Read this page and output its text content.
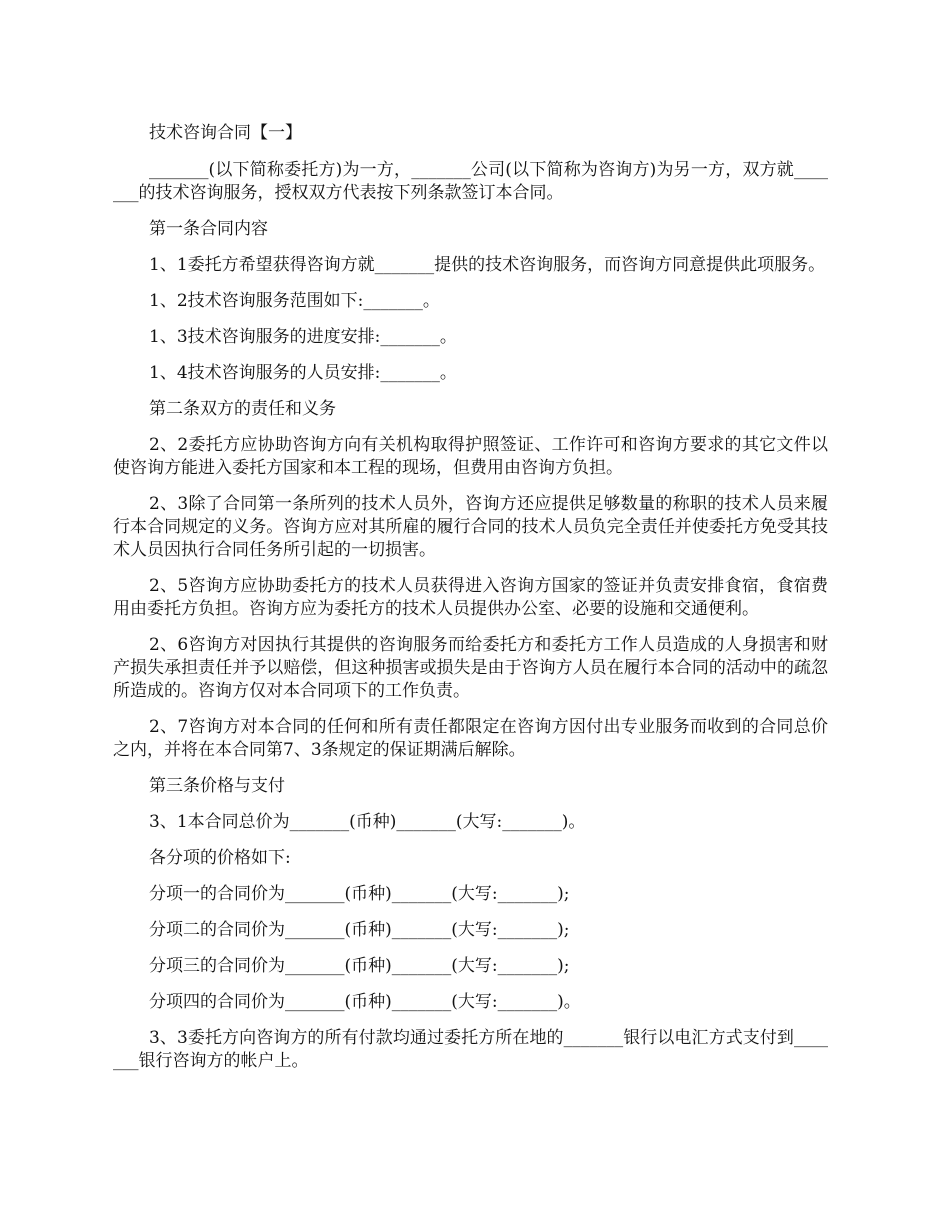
技术咨询合同【一】

_______(以下简称委托方)为一方，_______公司(以下简称为咨询方)为另一方，双方就_______的技术咨询服务，授权双方代表按下列条款签订本合同。

第一条合同内容

1、1委托方希望获得咨询方就_______提供的技术咨询服务，而咨询方同意提供此项服务。

1、2技术咨询服务范围如下:_______。

1、3技术咨询服务的进度安排:_______。

1、4技术咨询服务的人员安排:_______。

第二条双方的责任和义务

2、2委托方应协助咨询方向有关机构取得护照签证、工作许可和咨询方要求的其它文件以使咨询方能进入委托方国家和本工程的现场，但费用由咨询方负担。

2、3除了合同第一条所列的技术人员外，咨询方还应提供足够数量的称职的技术人员来履行本合同规定的义务。咨询方应对其所雇的履行合同的技术人员负完全责任并使委托方免受其技术人员因执行合同任务所引起的一切损害。

2、5咨询方应协助委托方的技术人员获得进入咨询方国家的签证并负责安排食宿，食宿费用由委托方负担。咨询方应为委托方的技术人员提供办公室、必要的设施和交通便利。

2、6咨询方对因执行其提供的咨询服务而给委托方和委托方工作人员造成的人身损害和财产损失承担责任并予以赔偿，但这种损害或损失是由于咨询方人员在履行本合同的活动中的疏忽所造成的。咨询方仅对本合同项下的工作负责。

2、7咨询方对本合同的任何和所有责任都限定在咨询方因付出专业服务而收到的合同总价之内，并将在本合同第7、3条规定的保证期满后解除。

第三条价格与支付

3、1本合同总价为_______(币种)_______(大写:_______)。

各分项的价格如下:

分项一的合同价为_______(币种)_______(大写:_______);

分项二的合同价为_______(币种)_______(大写:_______);

分项三的合同价为_______(币种)_______(大写:_______);

分项四的合同价为_______(币种)_______(大写:_______)。

3、3委托方向咨询方的所有付款均通过委托方所在地的_______银行以电汇方式支付到_______银行咨询方的帐户上。
